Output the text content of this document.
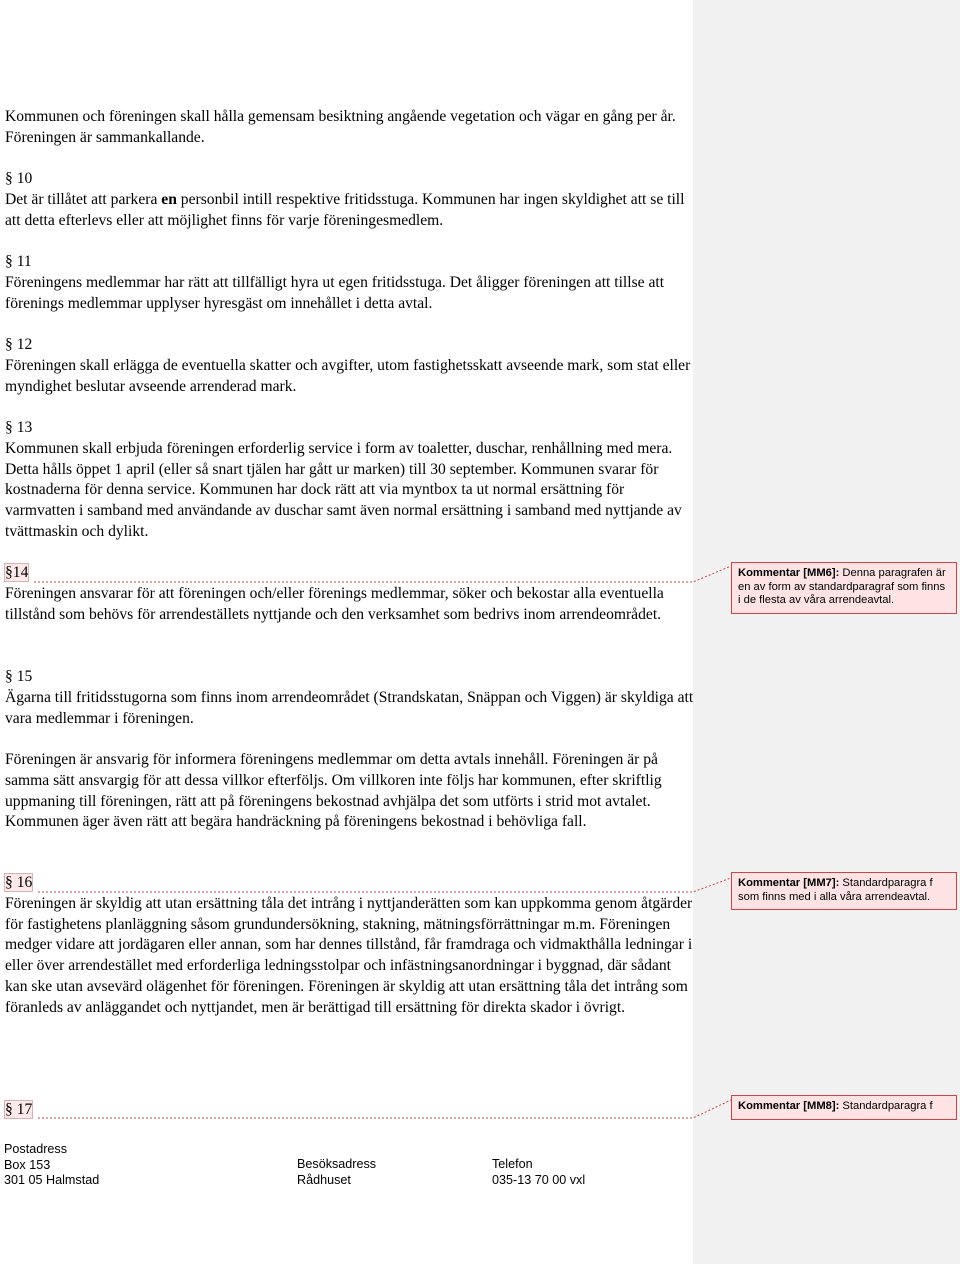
Kommunen och föreningen skall hålla gemensam besiktning angående vegetation och vägar en gång per år. Föreningen är sammankallande.

§ 10
Det är tillåtet att parkera en personbil intill respektive fritidsstuga. Kommunen har ingen skyldighet att se till att detta efterlevs eller att möjlighet finns för varje föreningesmedlem.

§ 11
Föreningens medlemmar har rätt att tillfälligt hyra ut egen fritidsstuga. Det åligger föreningen att tillse att förenings medlemmar upplyser hyresgäst om innehållet i detta avtal.

§ 12
Föreningen skall erlägga de eventuella skatter och avgifter, utom fastighetsskatt avseende mark, som stat eller myndighet beslutar avseende arrenderad mark.

§ 13
Kommunen skall erbjuda föreningen erforderlig service i form av toaletter, duschar, renhållning med mera. Detta hålls öppet 1 april (eller så snart tjälen har gått ur marken) till 30 september. Kommunen svarar för kostnaderna för denna service. Kommunen har dock rätt att via myntbox ta ut normal ersättning för varmvatten i samband med användande av duschar samt även normal ersättning i samband med nyttjande av tvättmaskin och dylikt.

§14
Föreningen ansvarar för att föreningen och/eller förenings medlemmar, söker och bekostar alla eventuella tillstånd som behövs för arrendeställets nyttjande och den verksamhet som bedrivs inom arrendeområdet.

§ 15
Ägarna till fritidsstugorna som finns inom arrendeområdet (Strandskatan, Snäppan och Viggen) är skyldiga att vara medlemmar i föreningen.

Föreningen är ansvarig för informera föreningens medlemmar om detta avtals innehåll. Föreningen är på samma sätt ansvargig för att dessa villkor efterföljs. Om villkoren inte följs har kommunen, efter skriftlig uppmaning till föreningen, rätt att på föreningens bekostnad avhjälpa det som utförts i strid mot avtalet. Kommunen äger även rätt att begära handräckning på föreningens bekostnad i behövliga fall.

§ 16
Föreningen är skyldig att utan ersättning tåla det intrång i nyttjanderätten som kan uppkomma genom åtgärder för fastighetens planläggning såsom grundundersökning, stakning, mätningsförrättningar m.m. Föreningen medger vidare att jordägaren eller annan, som har dennes tillstånd, får framdraga och vidmakthålla ledningar i eller över arrendestället med erforderliga ledningsstolpar och infästningsanordningar i byggnad, där sådant kan ske utan avsevärd olägenhet för föreningen. Föreningen är skyldig att utan ersättning tåla det intrång som föranleds av anläggandet och nyttjandet, men är berättigad till ersättning för direkta skador i övrigt.

§ 17

Kommentar [MM6]: Denna paragrafen är en av form av standardparagraf som finns i de flesta av våra arrendeavtal.
Kommentar [MM7]: Standardparagra f som finns med i alla våra arrendeavtal.
Kommentar [MM8]: Standardparagra f
Postadress
Box 153
301 05 Halmstad
Besöksadress
Rådhuset
Telefon
035-13 70 00 vxl
